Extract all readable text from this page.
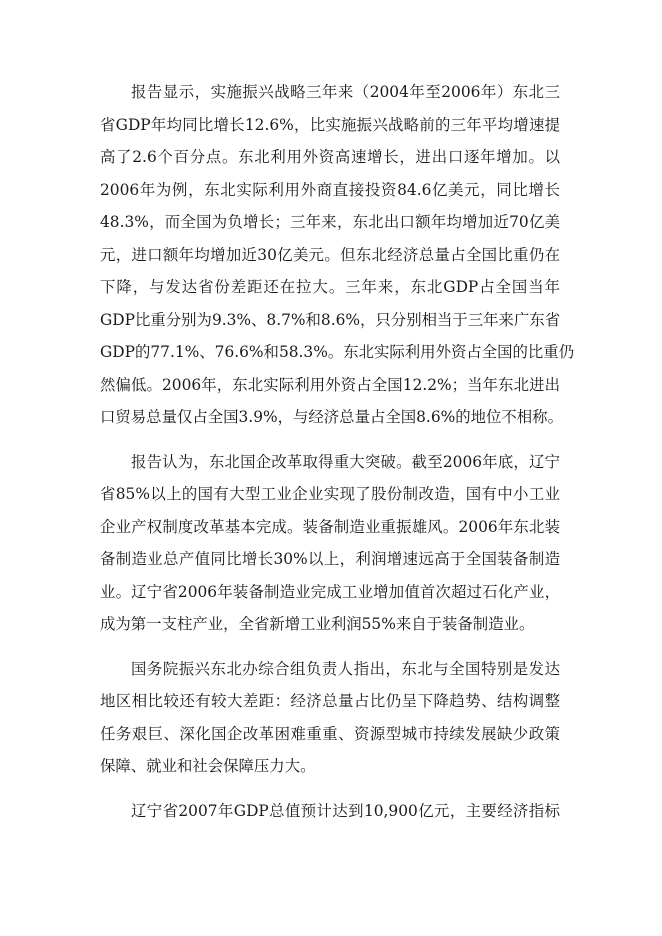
报告显示，实施振兴战略三年来（2004年至2006年）东北三
省GDP年均同比增长12.6%，比实施振兴战略前的三年平均增速提
高了2.6个百分点。东北利用外资高速增长，进出口逐年增加。以
2006年为例，东北实际利用外商直接投资84.6亿美元，同比增长
48.3%，而全国为负增长；三年来，东北出口额年均增加近70亿美
元，进口额年均增加近30亿美元。但东北经济总量占全国比重仍在
下降，与发达省份差距还在拉大。三年来，东北GDP占全国当年
GDP比重分别为9.3%、8.7%和8.6%，只分别相当于三年来广东省
GDP的77.1%、76.6%和58.3%。东北实际利用外资占全国的比重仍
然偏低。2006年，东北实际利用外资占全国12.2%；当年东北进出
口贸易总量仅占全国3.9%，与经济总量占全国8.6%的地位不相称。
报告认为，东北国企改革取得重大突破。截至2006年底，辽宁
省85%以上的国有大型工业企业实现了股份制改造，国有中小工业
企业产权制度改革基本完成。装备制造业重振雄风。2006年东北装
备制造业总产值同比增长30%以上，利润增速远高于全国装备制造
业。辽宁省2006年装备制造业完成工业增加值首次超过石化产业，
成为第一支柱产业，全省新增工业利润55%来自于装备制造业。
国务院振兴东北办综合组负责人指出，东北与全国特别是发达
地区相比较还有较大差距：经济总量占比仍呈下降趋势、结构调整
任务艰巨、深化国企改革困难重重、资源型城市持续发展缺少政策
保障、就业和社会保障压力大。
辽宁省2007年GDP总值预计达到10,900亿元，主要经济指标
